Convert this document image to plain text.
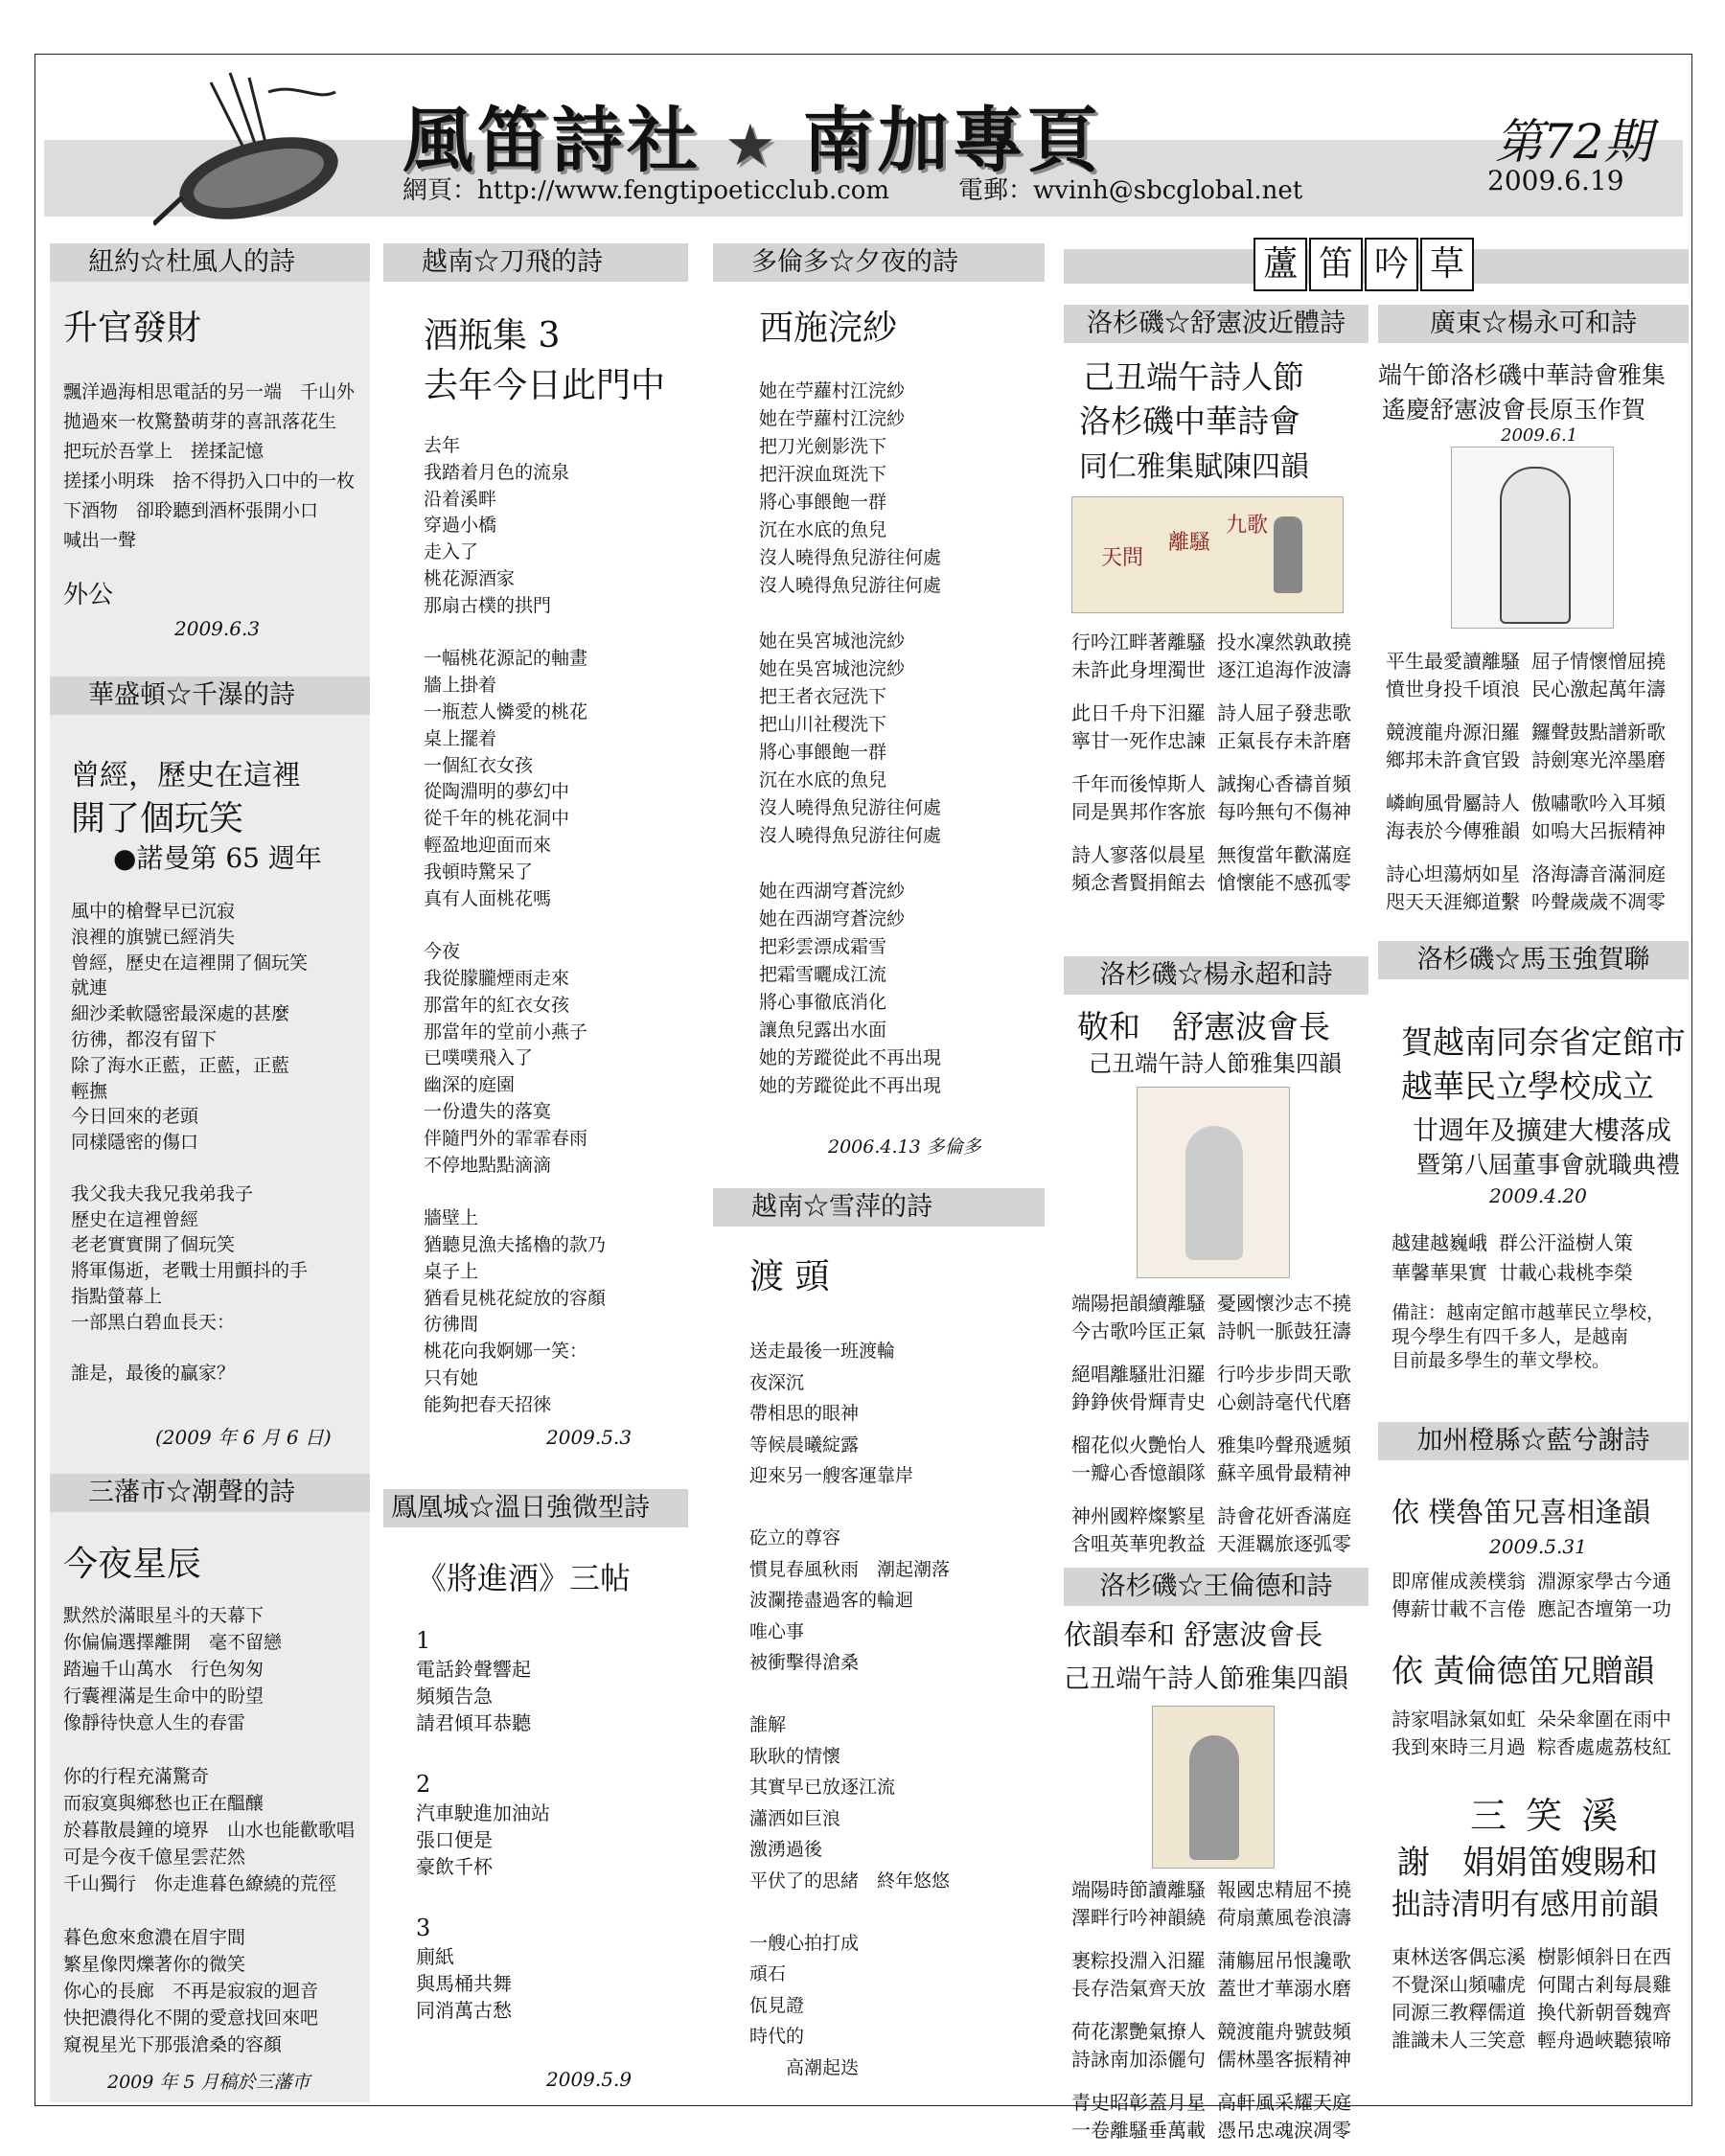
風笛詩社 ★ 南加專頁
網頁：http://www.fengtipoeticclub.com	電郵：wvinh@sbcglobal.net
第72期
2009.6.19
紐約☆杜風人的詩
升官發財
飄洋過海相思電話的另一端　千山外
拋過來一枚驚蟄萌芽的喜訊落花生
把玩於吾掌上　搓揉記憶
搓揉小明珠　捨不得扔入口中的一枚
下酒物　卻聆聽到酒杯張開小口
喊出一聲
外公
2009.6.3
華盛頓☆千瀑的詩
曾經，歷史在這裡
開了個玩笑
●諾曼第 65 週年
風中的槍聲早已沉寂
浪裡的旗號已經消失
曾經，歷史在這裡開了個玩笑
就連
細沙柔軟隱密最深處的甚麼
彷彿，都沒有留下
除了海水正藍，正藍，正藍
輕撫
今日回來的老頭
同樣隱密的傷口

我父我夫我兄我弟我子
歷史在這裡曾經
老老實實開了個玩笑
將軍傷逝，老戰士用顫抖的手
指點螢幕上
一部黑白碧血長天：

誰是，最後的贏家？
(2009 年 6 月 6 日)
三藩市☆潮聲的詩
今夜星辰
默然於滿眼星斗的天幕下
你偏偏選擇離開　毫不留戀
踏遍千山萬水　行色匆匆
行囊裡滿是生命中的盼望
像靜待快意人生的春雷

你的行程充滿驚奇
而寂寞與鄉愁也正在醞釀
於暮散晨鐘的境界　山水也能歡歌唱
可是今夜千億星雲茫然
千山獨行　你走進暮色繚繞的荒徑

暮色愈來愈濃在眉宇間
繁星像閃爍著你的微笑
你心的長廊　不再是寂寂的迴音
快把濃得化不開的愛意找回來吧
窺視星光下那張滄桑的容顏
2009 年 5 月稿於三藩市
越南☆刀飛的詩
酒瓶集 3
去年今日此門中
去年
我踏着月色的流泉
沿着溪畔
穿過小橋
走入了
桃花源酒家
那扇古樸的拱門

一幅桃花源記的軸畫
牆上掛着
一瓶惹人憐愛的桃花
桌上擺着
一個紅衣女孩
從陶淵明的夢幻中
從千年的桃花洞中
輕盈地迎面而來
我頓時驚呆了
真有人面桃花嗎

今夜
我從朦朧煙雨走來
那當年的紅衣女孩
那當年的堂前小燕子
已噗噗飛入了
幽深的庭園
一份遺失的落寞
伴隨門外的霏霏春雨
不停地點點滴滴

牆壁上
猶聽見漁夫搖櫓的款乃
桌子上
猶看見桃花綻放的容顏
彷彿間
桃花向我婀娜一笑：
只有她
能夠把春天招徠
2009.5.3
鳳凰城☆溫日強微型詩
《將進酒》三帖
1
電話鈴聲響起
頻頻告急
請君傾耳恭聽
2
汽車駛進加油站
張口便是
豪飲千杯
3
廁紙
與馬桶共舞
同消萬古愁
2009.5.9
多倫多☆夕夜的詩
西施浣紗
她在苧蘿村江浣紗
她在苧蘿村江浣紗
把刀光劍影洗下
把汗淚血斑洗下
將心事餵飽一群
沉在水底的魚兒
沒人曉得魚兒游往何處
沒人曉得魚兒游往何處

她在吳宮城池浣紗
她在吳宮城池浣紗
把王者衣冠洗下
把山川社稷洗下
將心事餵飽一群
沉在水底的魚兒
沒人曉得魚兒游往何處
沒人曉得魚兒游往何處

她在西湖穹蒼浣紗
她在西湖穹蒼浣紗
把彩雲漂成霜雪
把霜雪曬成江流
將心事徹底消化
讓魚兒露出水面
她的芳蹤從此不再出現
她的芳蹤從此不再出現
2006.4.13 多倫多
越南☆雪萍的詩
渡 頭
送走最後一班渡輪
夜深沉
帶相思的眼神
等候晨曦綻露
迎來另一艘客運靠岸

矻立的尊容
慣見春風秋雨　潮起潮落
波瀾捲盡過客的輪迴
唯心事
被衝擊得滄桑

誰解
耿耿的情懷
其實早已放逐江流
瀟洒如巨浪
激湧過後
平伏了的思緒　終年悠悠

一艘心拍打成
頑石
佤見證
時代的
　　高潮起迭
蘆 笛 吟 草
洛杉磯☆舒憲波近體詩
己丑端午詩人節
洛杉磯中華詩會
同仁雅集賦陳四韻
天問
離騷
九歌
行吟江畔著離騷 投水凜然孰敢撓
未許此身埋濁世 逐江追海作波濤
此日千舟下汨羅 詩人屈子發悲歌
寧甘一死作忠諫 正氣長存未許磨
千年而後悼斯人 誠掬心香禱首頻
同是異邦作客旅 每吟無句不傷神
詩人寥落似晨星 無復當年歡滿庭
頻念耆賢捐館去 愴懷能不感孤零
洛杉磯☆楊永超和詩
敬和　舒憲波會長
己丑端午詩人節雅集四韻
端陽挹韻續離騷 憂國懷沙志不撓
今古歌吟匡正氣 詩帆一脈鼓狂濤
絕唱離騷壯汨羅 行吟步步問天歌
錚錚俠骨輝青史 心劍詩毫代代磨
榴花似火艷怡人 雅集吟聲飛遞頻
一瓣心香憶韻隊 蘇辛風骨最精神
神州國粹燦繁星 詩會花妍香滿庭
含咀英華兜教益 天涯羈旅逐弧零
洛杉磯☆王倫德和詩
依韻奉和 舒憲波會長
己丑端午詩人節雅集四韻
端陽時節讀離騷 報國忠精屈不撓
澤畔行吟神韻繞 荷扇薰風卷浪濤
裹粽投淵入汨羅 蒲觴屈吊恨讒歌
長存浩氣齊天放 蓋世才華溺水磨
荷花潔艷氣撩人 競渡龍舟號鼓頻
詩詠南加添儷句 儒林墨客振精神
青史昭彰蓋月星 高軒風采耀天庭
一卷離騷垂萬載 憑吊忠魂淚凋零
廣東☆楊永可和詩
端午節洛杉磯中華詩會雅集
遙慶舒憲波會長原玉作賀
2009.6.1
平生最愛讀離騷 屈子情懷憎屈撓
憤世身投千頃浪 民心激起萬年濤
競渡龍舟源汨羅 鑼聲鼓點譜新歌
鄉邦未許貪官毀 詩劍寒光淬墨磨
嶙峋風骨屬詩人 傲嘯歌吟入耳頻
海表於今傳雅韻 如嗚大呂振精神
詩心坦蕩炳如星 洛海濤音滿洞庭
咫天天涯鄉道繫 吟聲歲歲不凋零
洛杉磯☆馬玉強賀聯
賀越南同奈省定館市
越華民立學校成立
廿週年及擴建大樓落成
暨第八屆董事會就職典禮
2009.4.20
越建越巍峨 群公汗溢樹人策
華馨華果實 廿載心栽桃李榮
備註：越南定館市越華民立學校，
現今學生有四千多人，是越南
目前最多學生的華文學校。
加州橙縣☆藍兮謝詩
依 樸魯笛兄喜相逢韻
2009.5.31
即席催成羨樸翁 淵源家學古今通
傳薪廿載不言倦 應記杏壇第一功
依 黃倫德笛兄贈韻
詩家唱詠氣如虹 朵朵傘圍在雨中
我到來時三月過 粽香處處荔枝紅
三 笑 溪
謝　娟娟笛嫂賜和
拙詩清明有感用前韻
東林送客偶忘溪 樹影傾斜日在西
不覺深山頻嘯虎 何聞古剎每晨雞
同源三教釋儒道 換代新朝晉魏齊
誰識未人三笑意 輕舟過峽聽猿啼
